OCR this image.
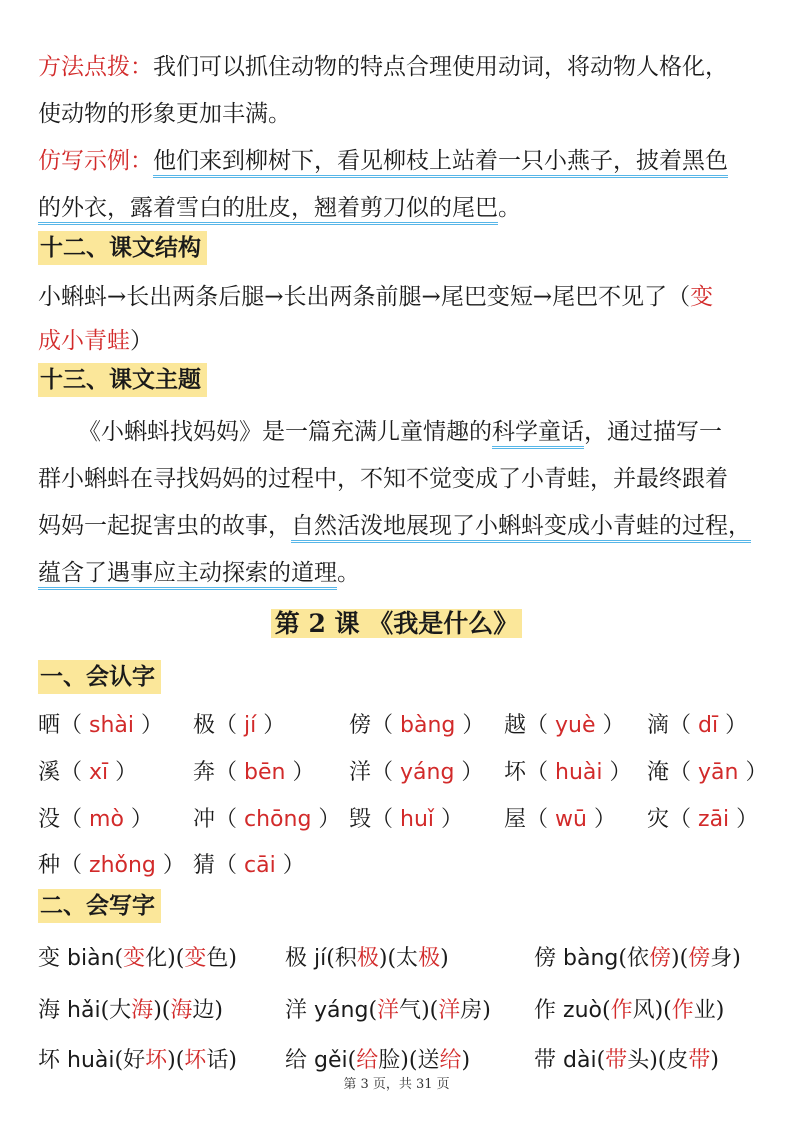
方法点拨：我们可以抓住动物的特点合理使用动词，将动物人格化，
使动物的形象更加丰满。
仿写示例：他们来到柳树下，看见柳枝上站着一只小燕子，披着黑色
的外衣，露着雪白的肚皮，翘着剪刀似的尾巴。
十二、课文结构
小蝌蚪→长出两条后腿→长出两条前腿→尾巴变短→尾巴不见了（变
成小青蛙）
十三、课文主题
《小蝌蚪找妈妈》是一篇充满儿童情趣的科学童话，通过描写一
群小蝌蚪在寻找妈妈的过程中，不知不觉变成了小青蛙，并最终跟着
妈妈一起捉害虫的故事，自然活泼地展现了小蝌蚪变成小青蛙的过程，
蕴含了遇事应主动探索的道理。
第 2 课 《我是什么》
一、会认字
晒（ shài ） 极（ jí ）	傍（ bàng ） 越（ yuè ） 滴（ dī ）
溪（ xī ）	奔（ bēn ） 洋（ yáng ） 坏（ huài ） 淹（ yān ）
没（ mò ） 冲（ chōng ） 毁（ huǐ ） 屋（ wū ） 灾（ zāi ）
种（ zhǒng ） 猜（ cāi ）
二、会写字
变 biàn(变化)(变色) 极 jí(积极)(太极)	傍 bàng(依傍)(傍身)
海 hǎi(大海)(海边)	洋 yáng(洋气)(洋房) 作 zuò(作风)(作业)
坏 huài(好坏)(坏话) 给 gěi(给脸)(送给)	带 dài(带头)(皮带)
第 3 页，共 31 页
